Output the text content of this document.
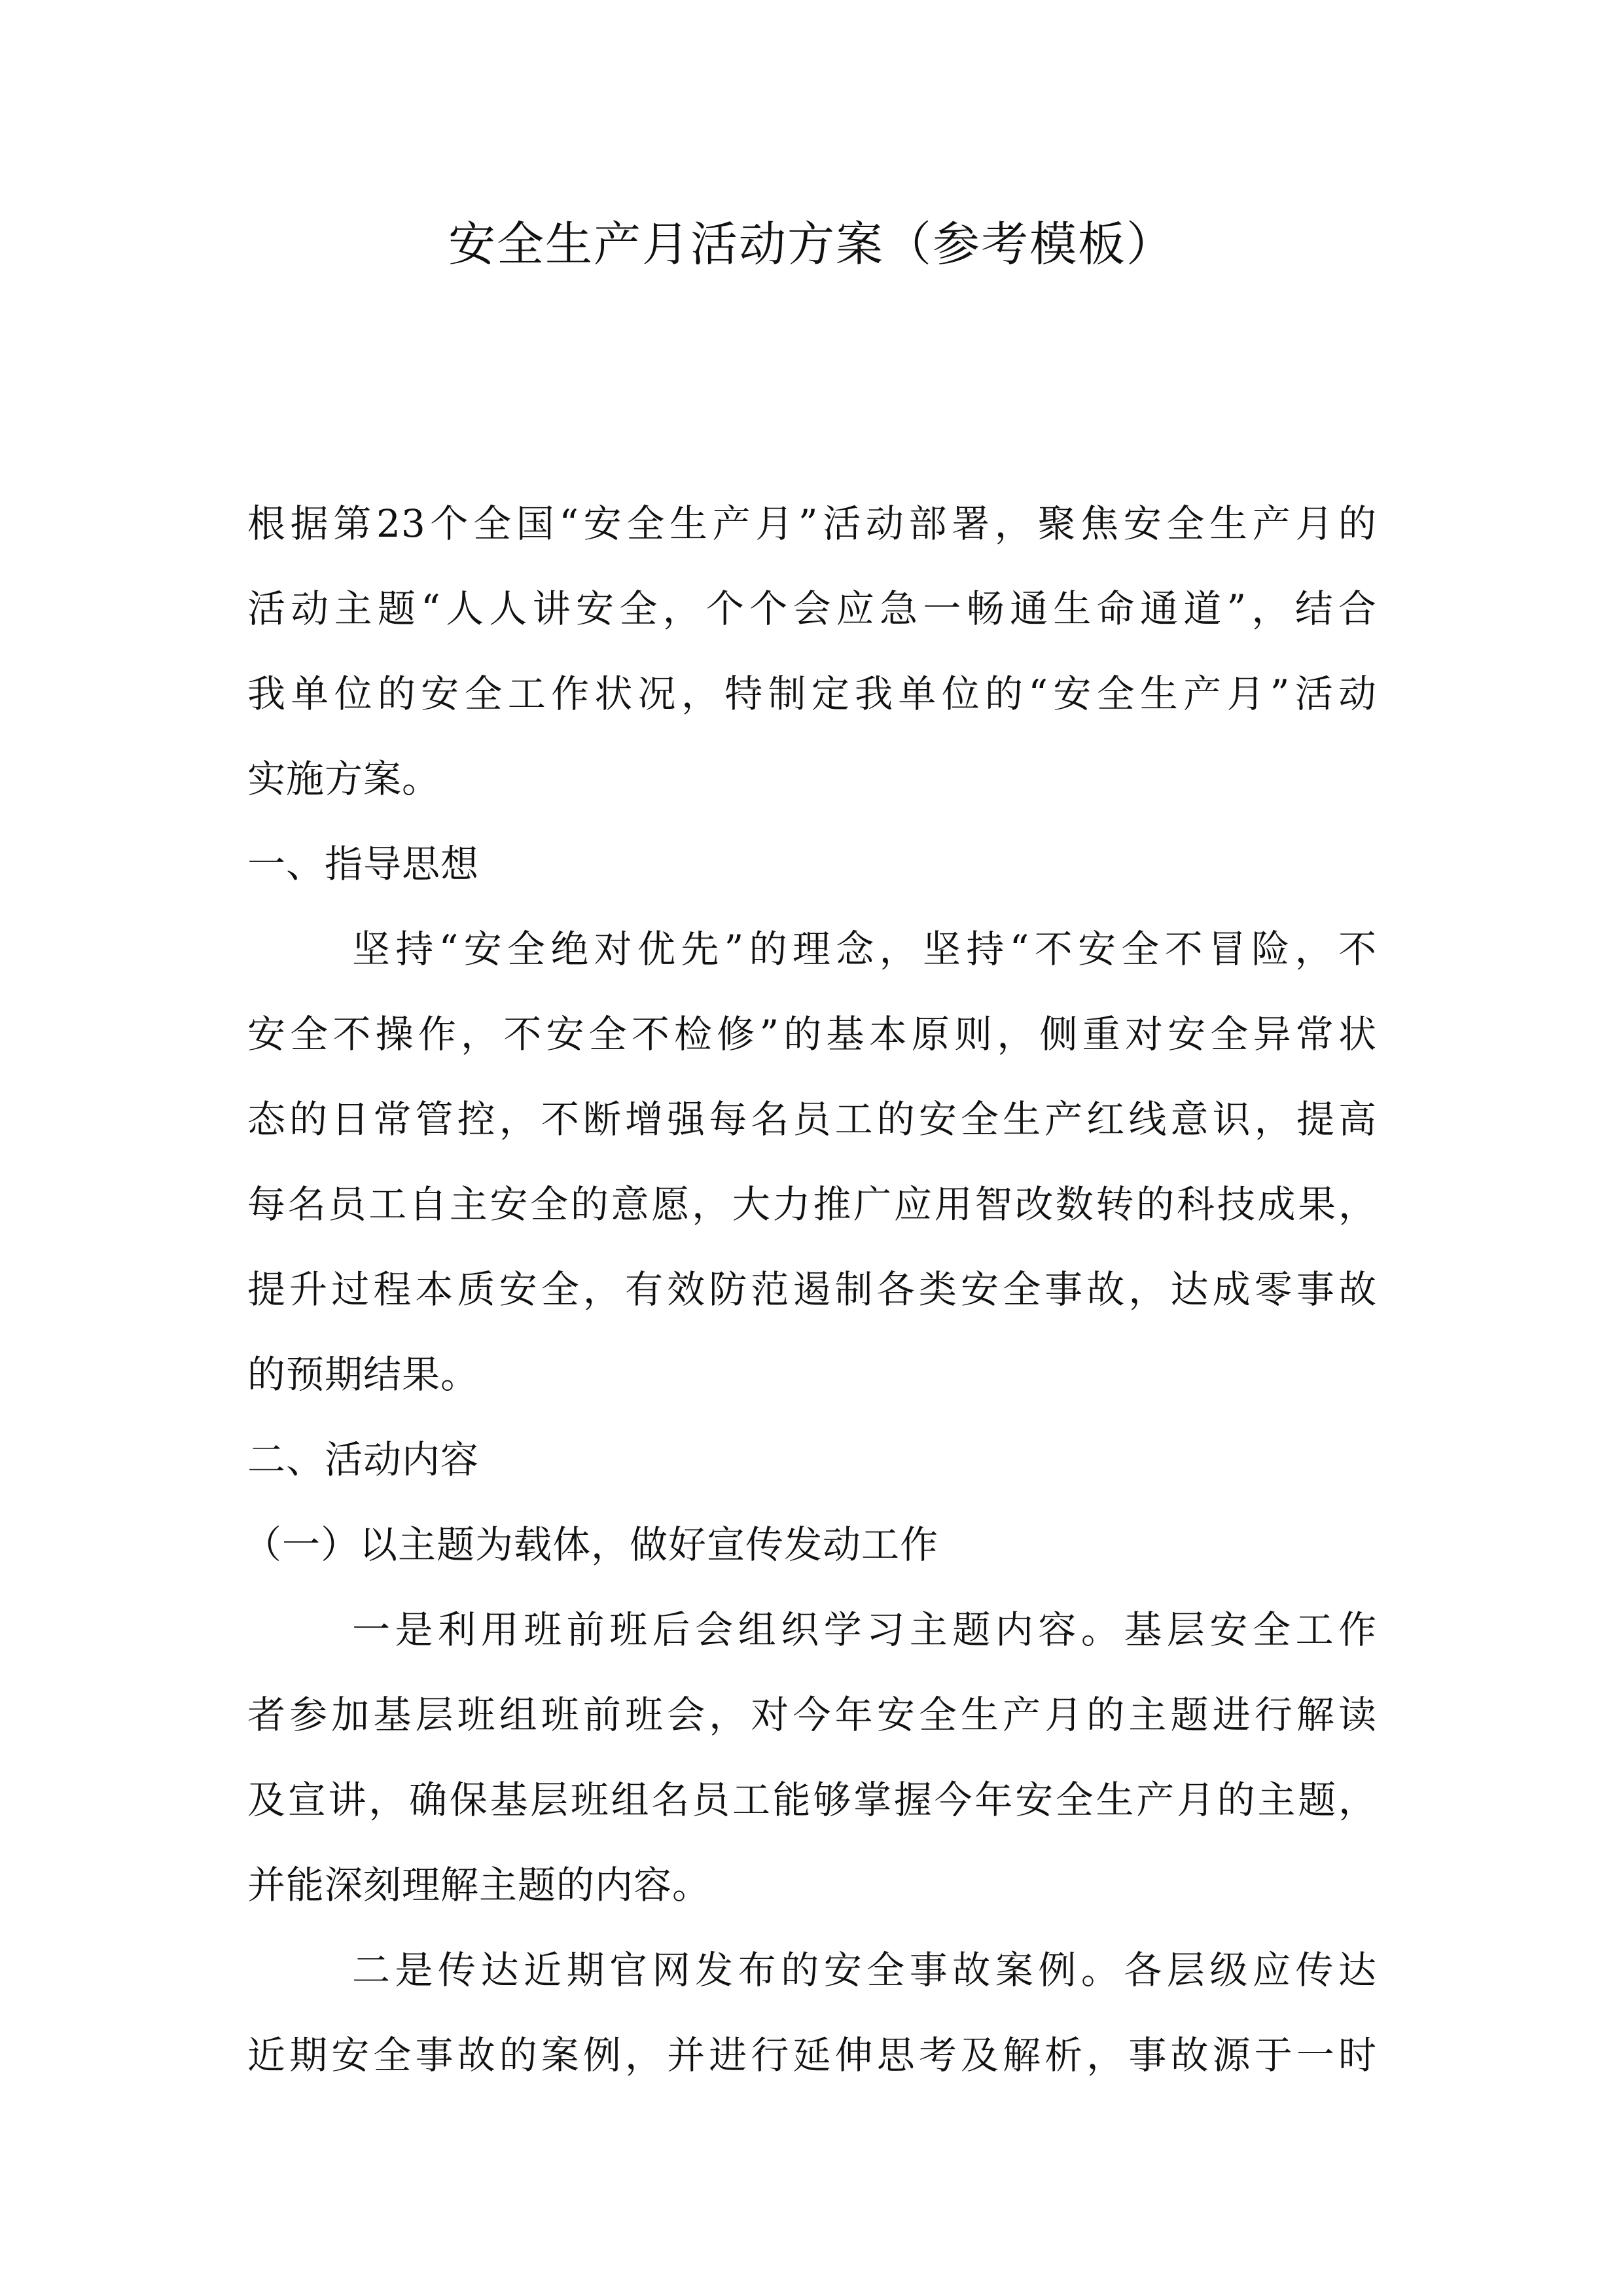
安全生产月活动方案（参考模板）
根据第23个全国“安全生产月”活动部署，聚焦安全生产月的
活动主题“人人讲安全，个个会应急一畅通生命通道”，结合
我单位的安全工作状况，特制定我单位的“安全生产月”活动
实施方案。
一、指导思想
坚持“安全绝对优先”的理念，坚持“不安全不冒险，不
安全不操作，不安全不检修”的基本原则，侧重对安全异常状
态的日常管控，不断增强每名员工的安全生产红线意识，提高
每名员工自主安全的意愿，大力推广应用智改数转的科技成果，
提升过程本质安全，有效防范遏制各类安全事故，达成零事故
的预期结果。
二、活动内容
（一）以主题为载体，做好宣传发动工作
一是利用班前班后会组织学习主题内容。基层安全工作
者参加基层班组班前班会，对今年安全生产月的主题进行解读
及宣讲，确保基层班组名员工能够掌握今年安全生产月的主题，
并能深刻理解主题的内容。
二是传达近期官网发布的安全事故案例。各层级应传达
近期安全事故的案例，并进行延伸思考及解析，事故源于一时
